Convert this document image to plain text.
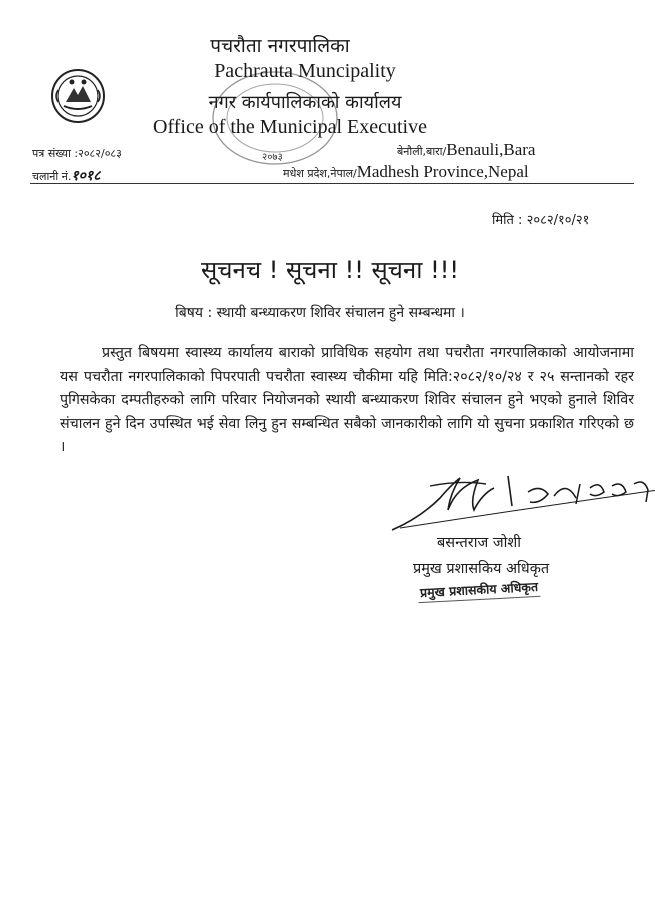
२०७३
पचरौता नगरपालिका
Pachrauta Muncipality
नगर कार्यपालिकाको कार्यालय
Office of the Municipal Executive
पत्र संख्या :२०८२/०८३
चलानी नं.१०१८
बेनौली,बारा/Benauli,Bara
मधेश प्रदेश,नेपाल/Madhesh Province,Nepal
मिति : २०८२/१०/२१
सूचनच ! सूचना !! सूचना !!!
बिषय : स्थायी बन्ध्याकरण शिविर संचालन हुने सम्बन्धमा ।
प्रस्तुत बिषयमा स्वास्थ्य कार्यालय बाराको प्राविधिक सहयोग तथा पचरौता नगरपालिकाको आयोजनामा यस पचरौता नगरपालिकाको पिपरपाती पचरौता स्वास्थ्य चौकीमा यहि मिति:२०८२/१०/२४ र २५ सन्तानको रहर पुगिसकेका दम्पतीहरुको लागि परिवार नियोजनको स्थायी बन्ध्याकरण शिविर संचालन हुने भएको हुनाले शिविर संचालन हुने दिन उपस्थित भई सेवा लिनु हुन सम्बन्धित सबैको जानकारीको लागि यो सुचना प्रकाशित गरिएको छ ।
बसन्तराज जोशी
प्रमुख प्रशासकिय अधिकृत
प्रमुख प्रशासकीय अधिकृत
